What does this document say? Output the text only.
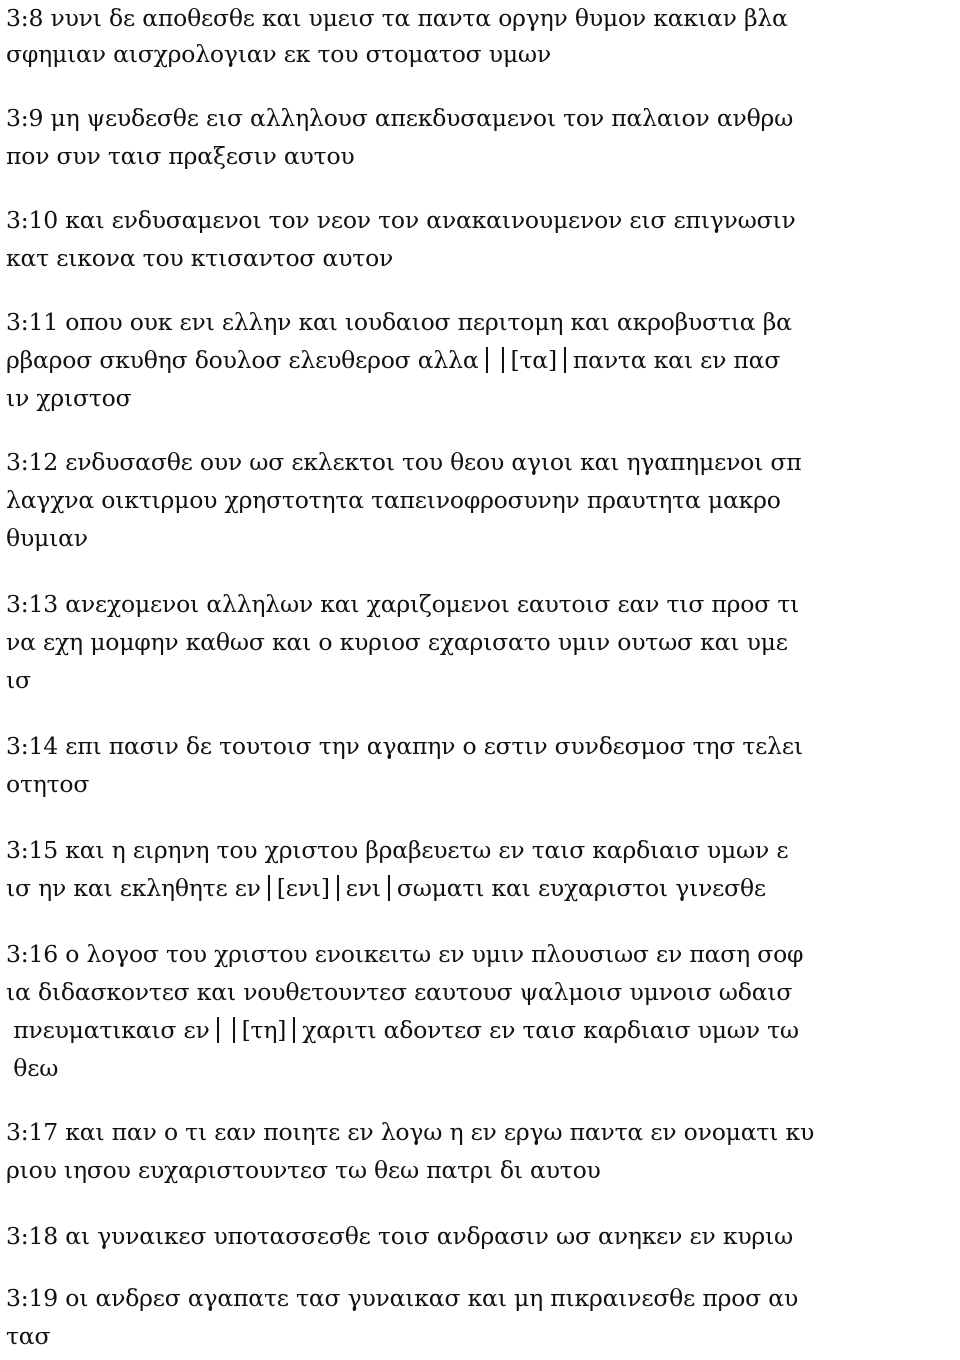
3:8 νυνι δε αποθεσθε και υμεισ τα παντα οργην θυμον κακιαν βλα
σφημιαν αισχρολογιαν εκ του στοματοσ υμων
3:9 μη ψευδεσθε εισ αλληλουσ απεκδυσαμενοι τον παλαιον ανθρω
πον συν ταισ πραξεσιν αυτου
3:10 και ενδυσαμενοι τον νεον τον ανακαινουμενον εισ επιγνωσιν
κατ εικονα του κτισαντοσ αυτον
3:11 οπου ουκ ενι ελλην και ιουδαιοσ περιτομη και ακροβυστια βα
ρβαροσ σκυθησ δουλοσ ελευθεροσ αλλα [τα] παντα και εν πασ
ιν χριστοσ
3:12 ενδυσασθε ουν ωσ εκλεκτοι του θεου αγιοι και ηγαπημενοι σπ
λαγχνα οικτιρμου χρηστοτητα ταπεινοφροσυνην πραυτητα μακρο
θυμιαν
3:13 ανεχομενοι αλληλων και χαριζομενοι εαυτοισ εαν τισ προσ τι
να εχη μομφην καθωσ και ο κυριοσ εχαρισατο υμιν ουτωσ και υμε
ισ
3:14 επι πασιν δε τουτοισ την αγαπην ο εστιν συνδεσμοσ τησ τελει
οτητοσ
3:15 και η ειρηνη του χριστου βραβευετω εν ταισ καρδιαισ υμων ε
ισ ην και εκληθητε εν [ενι] ενι σωματι και ευχαριστοι γινεσθε
3:16 ο λογοσ του χριστου ενοικειτω εν υμιν πλουσιωσ εν παση σοφ
ια διδασκοντεσ και νουθετουντεσ εαυτουσ ψαλμοισ υμνοισ ωδαισ
πνευματικαισ εν [τη] χαριτι αδοντεσ εν ταισ καρδιαισ υμων τω
θεω
3:17 και παν ο τι εαν ποιητε εν λογω η εν εργω παντα εν ονοματι κυ
ριου ιησου ευχαριστουντεσ τω θεω πατρι δι αυτου
3:18 αι γυναικεσ υποτασσεσθε τοισ ανδρασιν ωσ ανηκεν εν κυριω
3:19 οι ανδρεσ αγαπατε τασ γυναικασ και μη πικραινεσθε προσ αυ
τασ
